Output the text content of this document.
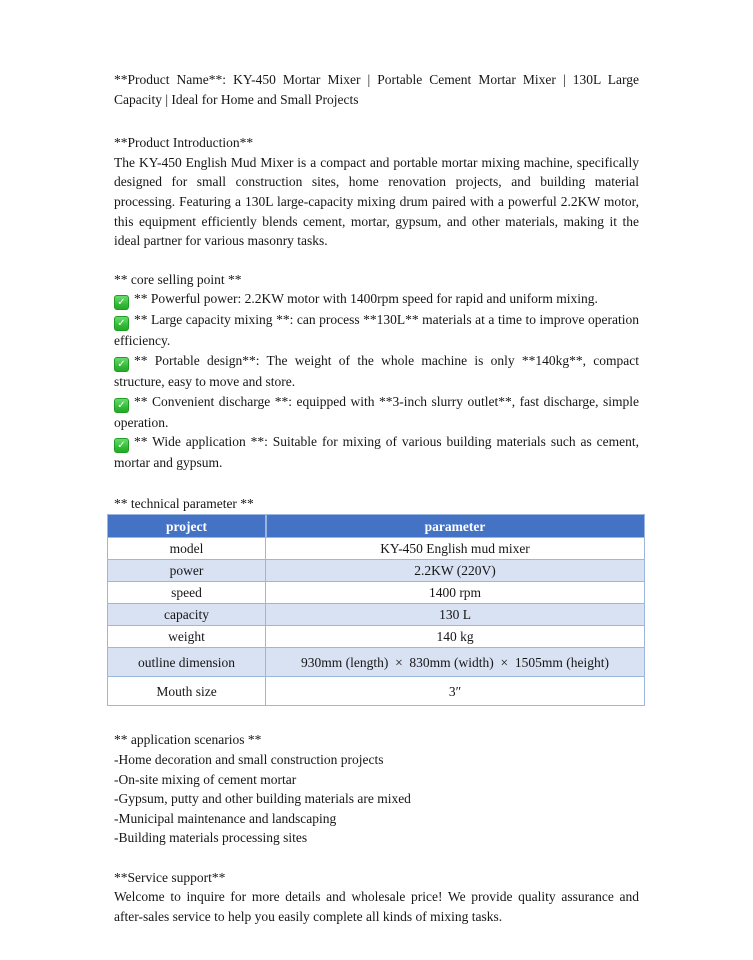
**Product Name**: KY-450 Mortar Mixer | Portable Cement Mortar Mixer | 130L Large Capacity | Ideal for Home and Small Projects

**Product Introduction**

The KY-450 English Mud Mixer is a compact and portable mortar mixing machine, specifically designed for small construction sites, home renovation projects, and building material processing. Featuring a 130L large-capacity mixing drum paired with a powerful 2.2KW motor, this equipment efficiently blends cement, mortar, gypsum, and other materials, making it the ideal partner for various masonry tasks.

** core selling point **

✓** Powerful power: 2.2KW motor with 1400rpm speed for rapid and uniform mixing.

✓** Large capacity mixing **: can process **130L** materials at a time to improve operation efficiency.

✓** Portable design**: The weight of the whole machine is only **140kg**, compact structure, easy to move and store.

✓** Convenient discharge **: equipped with **3-inch slurry outlet**, fast discharge, simple operation.

✓** Wide application **: Suitable for mixing of various building materials such as cement, mortar and gypsum.

** technical parameter **

project	parameter
model	KY-450 English mud mixer
power	2.2KW (220V)
speed	1400 rpm
capacity	130 L
weight	140 kg
outline dimension	930mm (length)  ×  830mm (width)  ×  1505mm (height)
Mouth size	3″

** application scenarios **

-Home decoration and small construction projects

-On-site mixing of cement mortar

-Gypsum, putty and other building materials are mixed

-Municipal maintenance and landscaping

-Building materials processing sites

**Service support**

Welcome to inquire for more details and wholesale price! We provide quality assurance and after-sales service to help you easily complete all kinds of mixing tasks.
